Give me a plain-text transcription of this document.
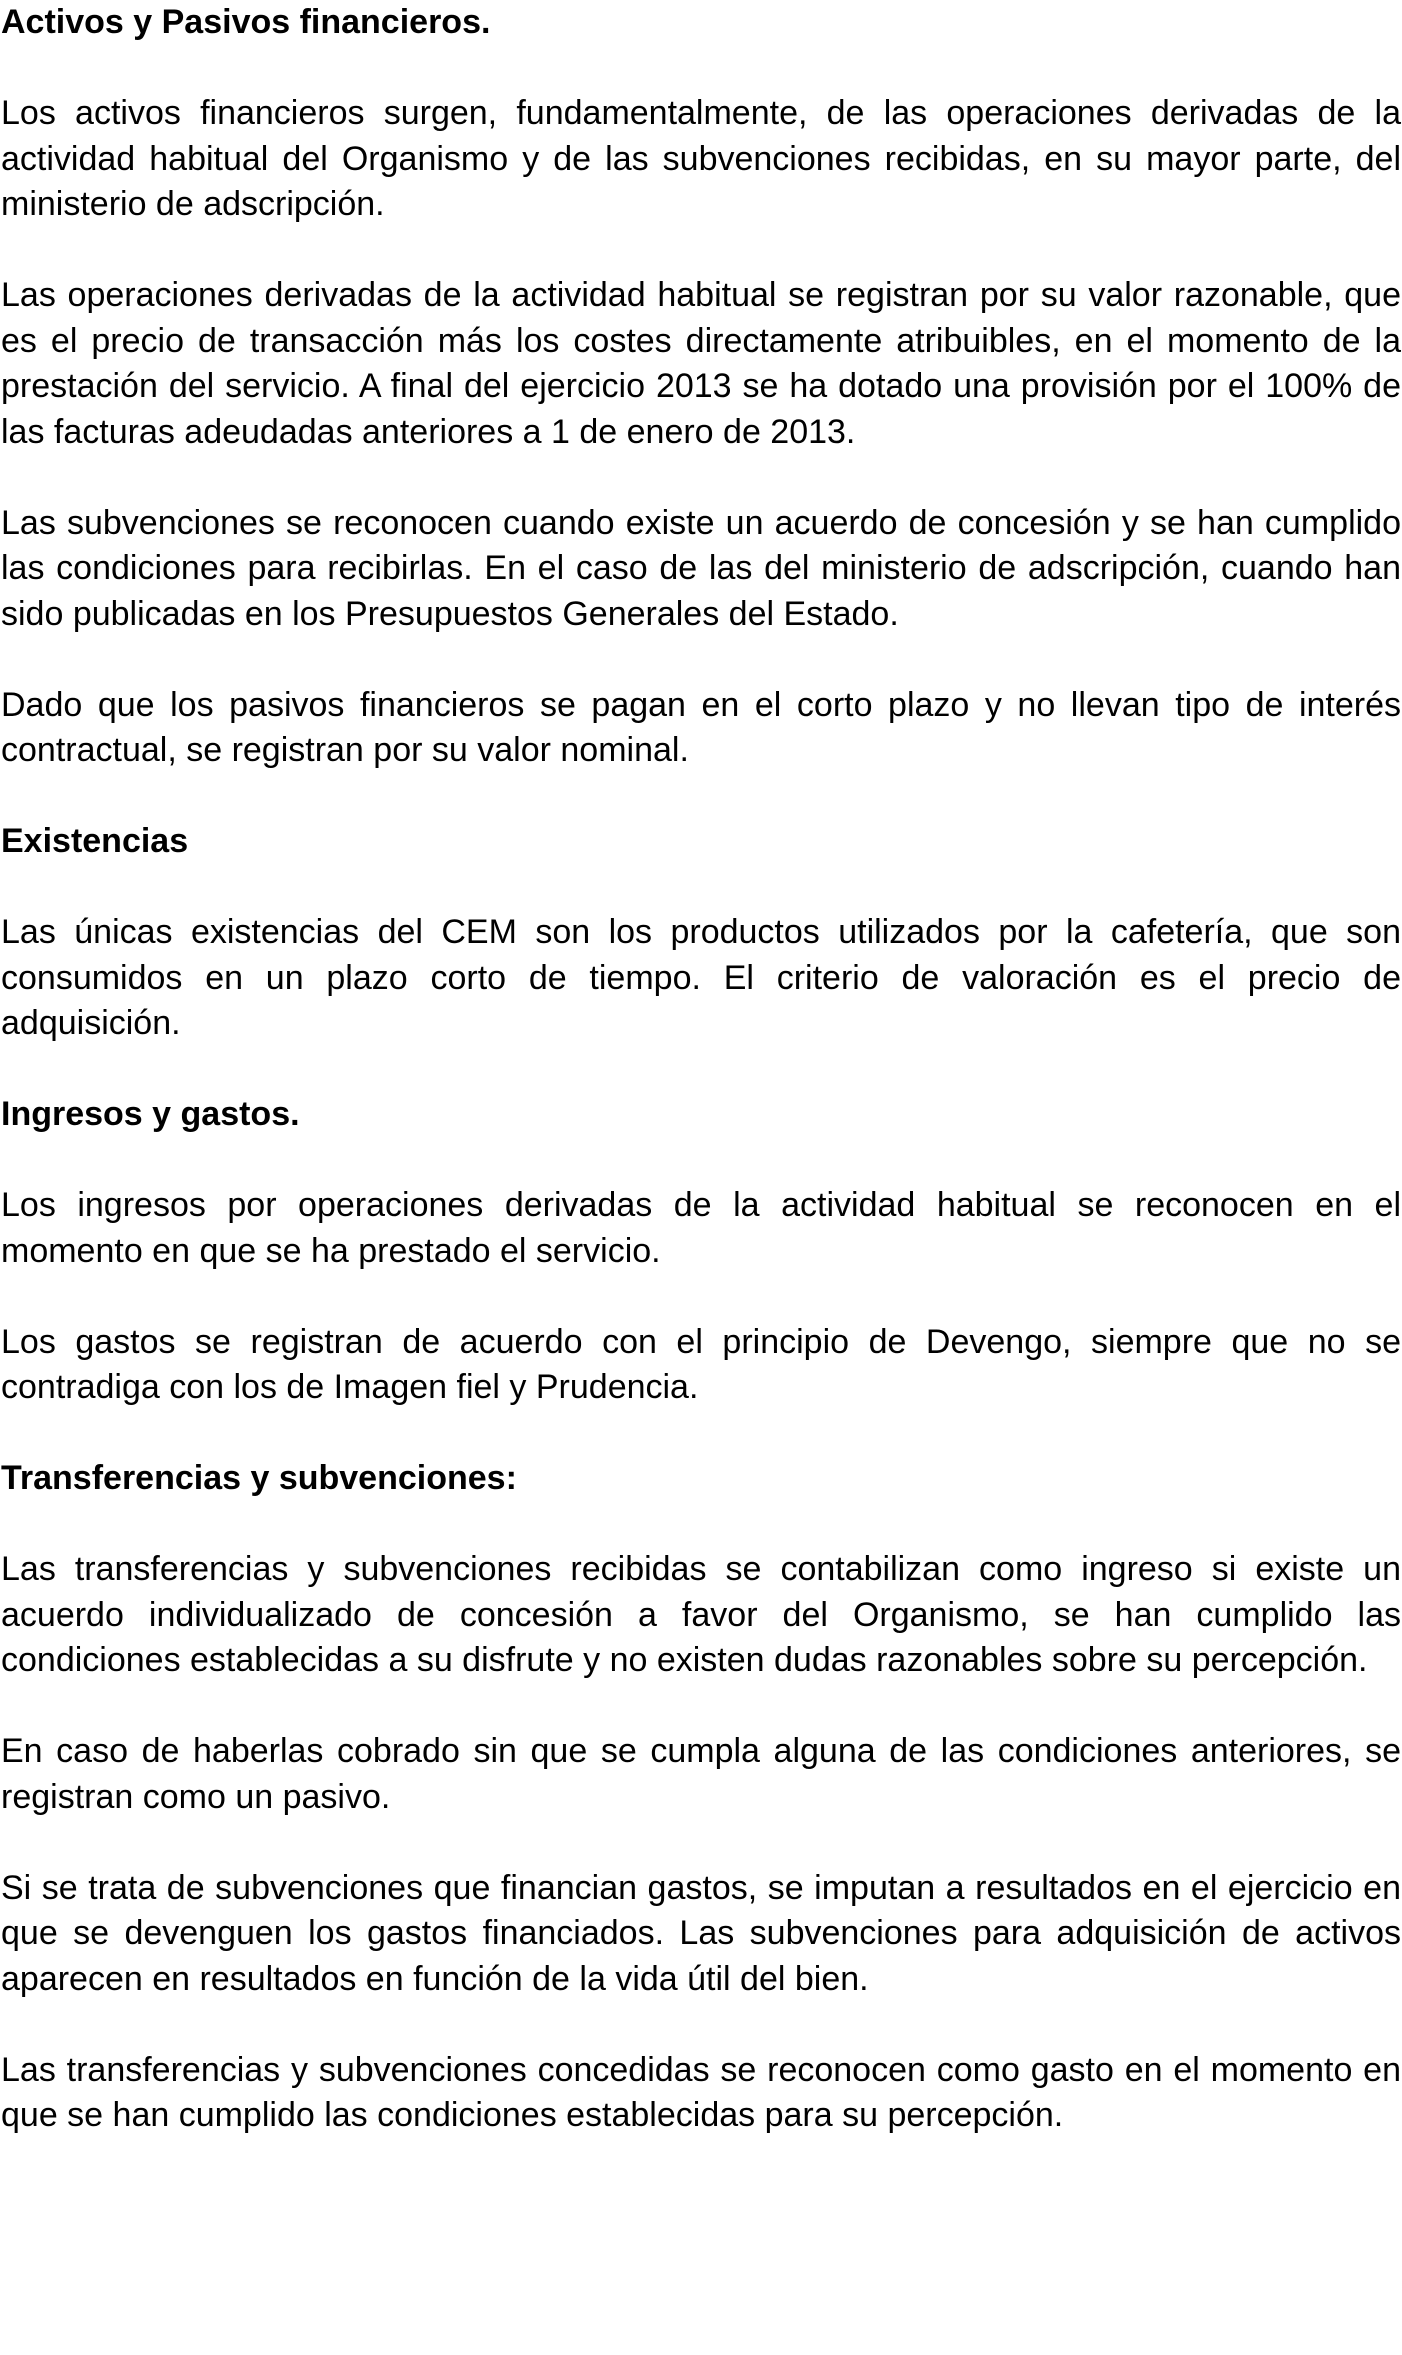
Activos y Pasivos financieros.

Los activos financieros surgen, fundamentalmente, de las operaciones derivadas de la actividad habitual del Organismo y de las subvenciones recibidas, en su mayor parte, del ministerio de adscripción.

Las operaciones derivadas de la actividad habitual se registran por su valor razonable, que es el precio de transacción más los costes directamente atribuibles, en el momento de la prestación del servicio. A final del ejercicio 2013 se ha dotado una provisión por el 100% de las facturas adeudadas anteriores a 1 de enero de 2013.

Las subvenciones se reconocen cuando existe un acuerdo de concesión y se han cumplido las condiciones para recibirlas. En el caso de las del ministerio de adscripción, cuando han sido publicadas en los Presupuestos Generales del Estado.

Dado que los pasivos financieros se pagan en el corto plazo y no llevan tipo de interés contractual, se registran por su valor nominal.

Existencias

Las únicas existencias del CEM son los productos utilizados por la cafetería, que son consumidos en un plazo corto de tiempo. El criterio de valoración es el precio de adquisición.

Ingresos y gastos.

Los ingresos por operaciones derivadas de la actividad habitual se reconocen en el momento en que se ha prestado el servicio.

Los gastos se registran de acuerdo con el principio de Devengo, siempre que no se contradiga con los de Imagen fiel y Prudencia.

Transferencias y subvenciones:

Las transferencias y subvenciones recibidas se contabilizan como ingreso si existe un acuerdo individualizado de concesión a favor del Organismo, se han cumplido las condiciones establecidas a su disfrute y no existen dudas razonables sobre su percepción.

En caso de haberlas cobrado sin que se cumpla alguna de las condiciones anteriores, se registran como un pasivo.

Si se trata de subvenciones que financian gastos, se imputan a resultados en el ejercicio en que se devenguen los gastos financiados. Las subvenciones para adquisición de activos aparecen en resultados en función de la vida útil del bien.

Las transferencias y subvenciones concedidas se reconocen como gasto en el momento en que se han cumplido las condiciones establecidas para su percepción.
